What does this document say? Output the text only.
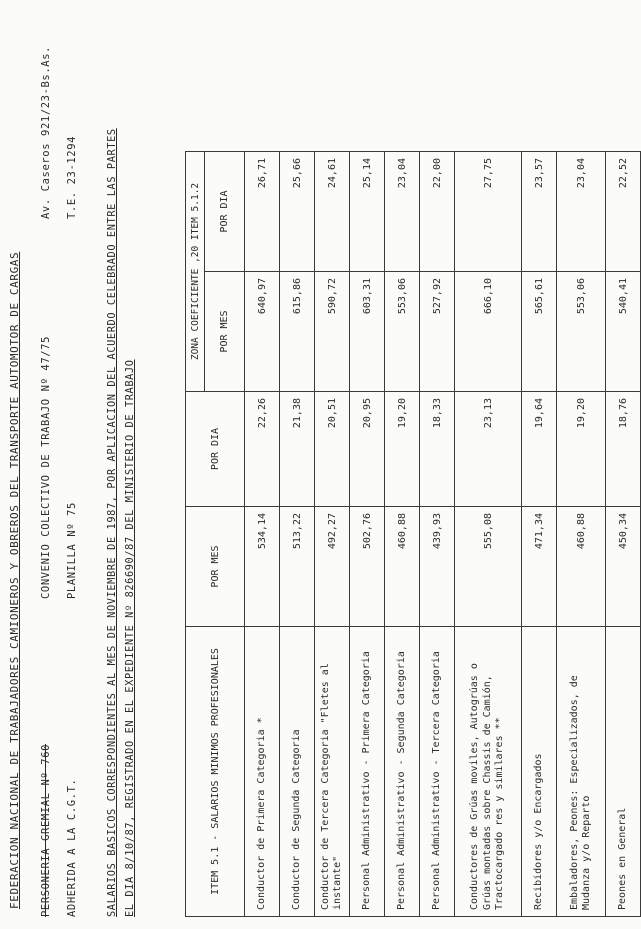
FEDERACION NACIONAL DE TRABAJADORES CAMIONEROS Y OBREROS DEL TRANSPORTE AUTOMOTOR DE CARGAS PERSONERIA GREMIAL Nº 760
CONVENIO COLECTIVO DE TRABAJO Nº 47/75
Av. Caseros 921/23-Bs.As.
ADHERIDA A LA C.G.T.
PLANILLA Nº 75
T.E. 23-1294	SALARIOS BASICOS CORRESPONDIENTES AL MES DE NOVIEMBRE DE 1987, POR APLICACION DEL ACUERDO CELEBRADO ENTRE LAS PARTES EL DIA 8/10/87, REGISTRADO EN EL EXPEDIENTE Nº 826690/87 DEL MINISTERIO DE TRABAJO	ITEM 5.1 - SALARIOS MINIMOS PROFESIONALES	POR MES	POR DIA	ZONA COEFICIENTE ,20 ITEM 5.1.2	
			POR MES	POR DIA
Conductor de Primera Categoria *	534,14	22,26	640,97	26,71
Conductor de Segunda Categoria	513,22	21,38	615,86	25,66
Conductor de Tercera Categoria "Fletes al instante"	492,27	20,51	590,72	24,61
Personal Administrativo - Primera Categoria	502,76	20,95	603,31	25,14
Personal Administrativo - Segunda Categoria	460,88	19,20	553,06	23,04
Personal Administrativo - Tercera Categoria	439,93	18,33	527,92	22,00
Conductores de Grúas moviles, Autogrúas o Grúas montadas sobre Chassis de Camión, Tractocargado res y similares **	555,08	23,13	666,10	27,75
Recibidores y/o Encargados	471,34	19,64	565,61	23,57
Embaladores, Peones: Especializados, de Mudanza y/o Reparto	460,88	19,20	553,06	23,04
Peones en General	450,34	18,76	540,41	22,52
